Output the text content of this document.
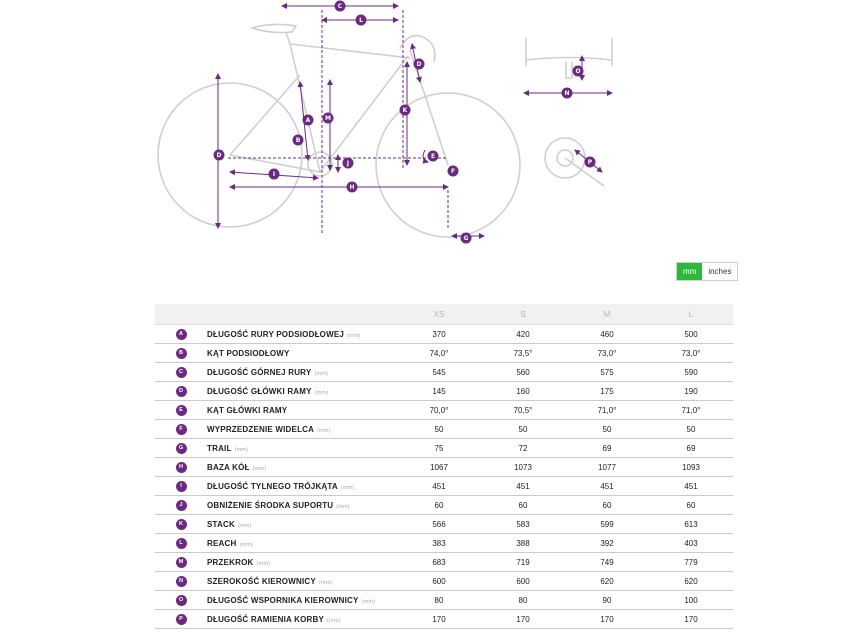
C
L
D
K
A M
B
J
D
I
H
E
F
G
O
N
P
mm	inches
		XS	S	M	L
A	DŁUGOŚĆ RURY PODSIODŁOWEJ (mm)	370	420	460	500
B	KĄT PODSIODŁOWY	74,0°	73,5°	73,0°	73,0°
C	DŁUGOŚĆ GÓRNEJ RURY (mm)	545	560	575	590
D	DŁUGOŚĆ GŁÓWKI RAMY (mm)	145	160	175	190
E	KĄT GŁÓWKI RAMY	70,0°	70,5°	71,0°	71,0°
F	WYPRZEDZENIE WIDELCA (mm)	50	50	50	50
G	TRAIL (mm)	75	72	69	69
H	BAZA KÓŁ (mm)	1067	1073	1077	1093
I	DŁUGOŚĆ TYLNEGO TRÓJKĄTA (mm)	451	451	451	451
J	OBNIŻENIE ŚRODKA SUPORTU (mm)	60	60	60	60
K	STACK (mm)	566	583	599	613
L	REACH (mm)	383	388	392	403
M	PRZEKROK (mm)	683	719	749	779
N	SZEROKOŚĆ KIEROWNICY (mm)	600	600	620	620
O	DŁUGOŚĆ WSPORNIKA KIEROWNICY (mm)	80	80	90	100
P	DŁUGOŚĆ RAMIENIA KORBY (mm)	170	170	170	170
